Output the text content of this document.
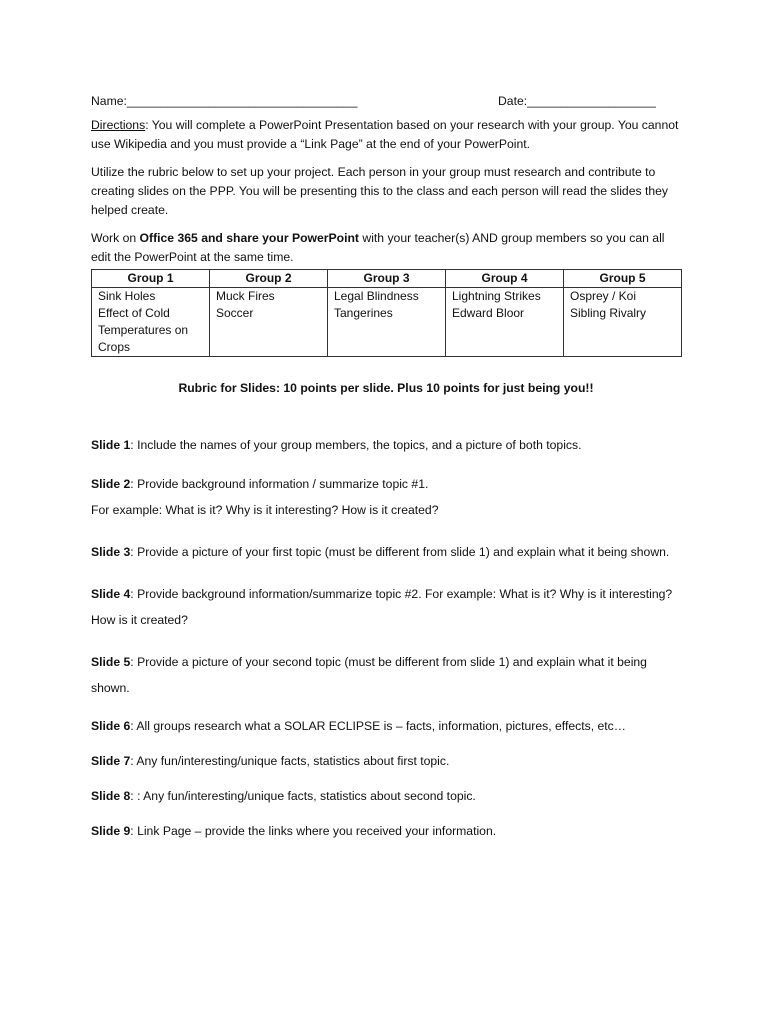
Name:__________________________________	Date:___________________

Directions: You will complete a PowerPoint Presentation based on your research with your group. You cannot use Wikipedia and you must provide a “Link Page” at the end of your PowerPoint.

Utilize the rubric below to set up your project. Each person in your group must research and contribute to creating slides on the PPP. You will be presenting this to the class and each person will read the slides they helped create.

Work on Office 365 and share your PowerPoint with your teacher(s) AND group members so you can all edit the PowerPoint at the same time.

Group 1	Group 2	Group 3	Group 4	Group 5
Sink Holes	Muck Fires	Legal Blindness	Lightning Strikes	Osprey / Koi
Effect of Cold Temperatures on Crops	Soccer	Tangerines	Edward Bloor	Sibling Rivalry
Rubric for Slides: 10 points per slide. Plus 10 points for just being you!!
Slide 1: Include the names of your group members, the topics, and a picture of both topics.
Slide 2: Provide background information / summarize topic #1.
For example: What is it? Why is it interesting? How is it created?
Slide 3: Provide a picture of your first topic (must be different from slide 1) and explain what it being shown.
Slide 4: Provide background information/summarize topic #2. For example: What is it? Why is it interesting? How is it created?
Slide 5: Provide a picture of your second topic (must be different from slide 1) and explain what it being shown.
Slide 6: All groups research what a SOLAR ECLIPSE is – facts, information, pictures, effects, etc…
Slide 7: Any fun/interesting/unique facts, statistics about first topic.
Slide 8: : Any fun/interesting/unique facts, statistics about second topic.
Slide 9: Link Page – provide the links where you received your information.
